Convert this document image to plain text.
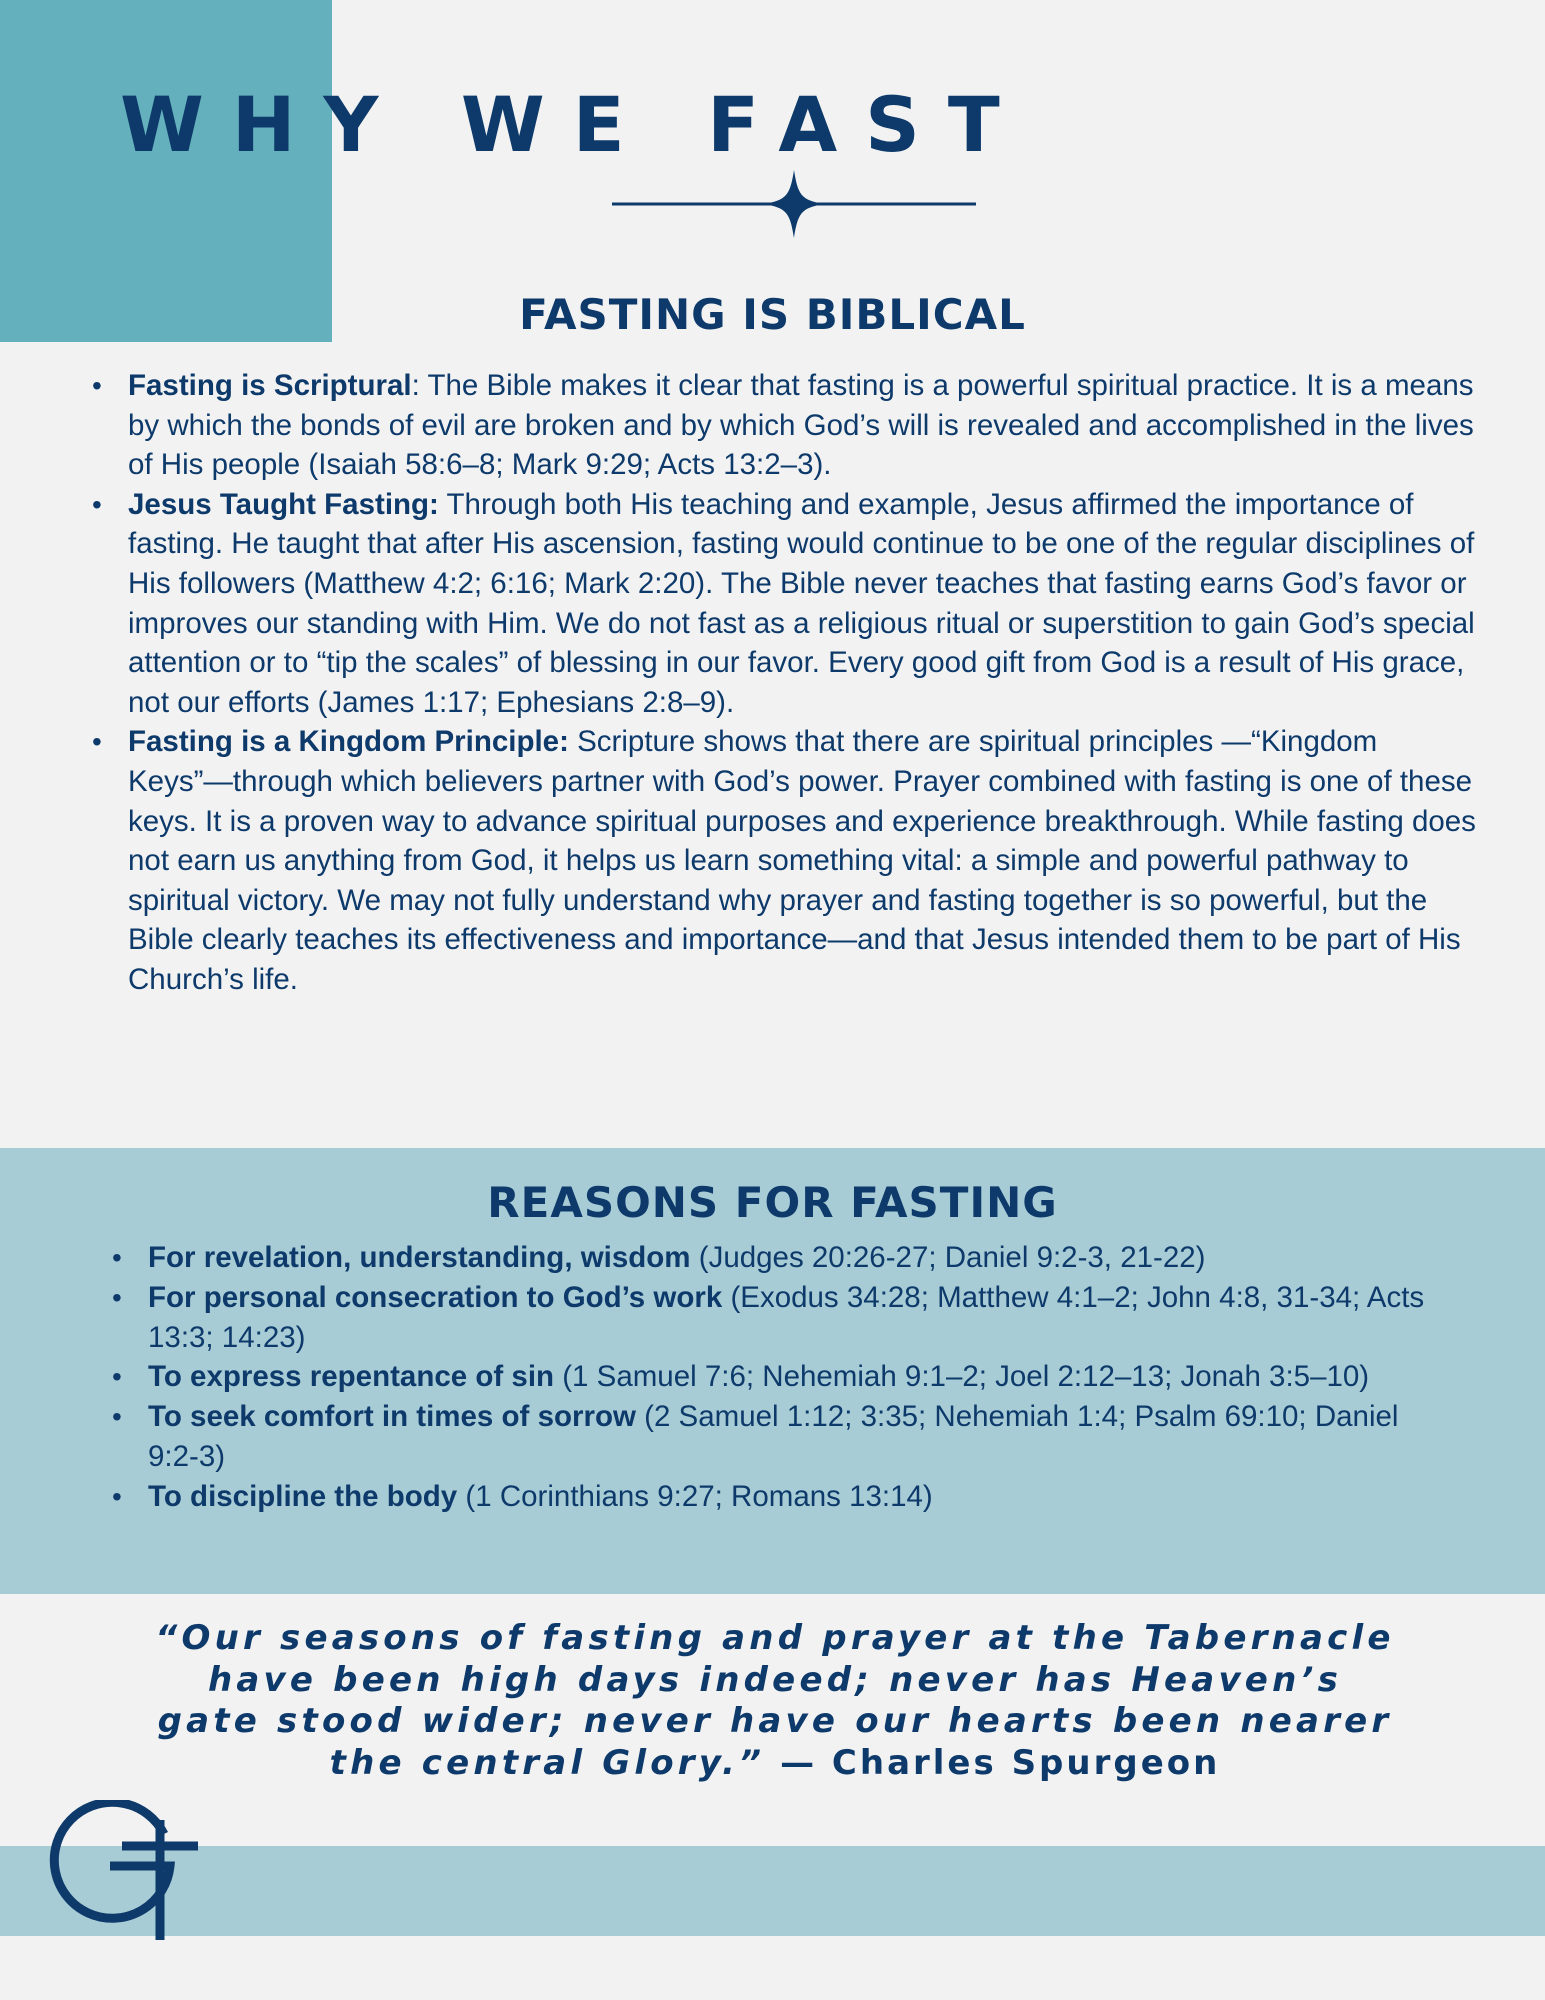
WHY WE FAST
FASTING IS BIBLICAL
• Fasting is Scriptural: The Bible makes it clear that fasting is a powerful spiritual practice. It is a means by which the bonds of evil are broken and by which God’s will is revealed and accomplished in the lives of His people (Isaiah 58:6–8; Mark 9:29; Acts 13:2–3).
• Jesus Taught Fasting: Through both His teaching and example, Jesus affirmed the importance of fasting. He taught that after His ascension, fasting would continue to be one of the regular disciplines of His followers (Matthew 4:2; 6:16; Mark 2:20). The Bible never teaches that fasting earns God’s favor or improves our standing with Him. We do not fast as a religious ritual or superstition to gain God’s special attention or to “tip the scales” of blessing in our favor. Every good gift from God is a result of His grace, not our efforts (James 1:17; Ephesians 2:8–9).
• Fasting is a Kingdom Principle: Scripture shows that there are spiritual principles —“Kingdom Keys”—through which believers partner with God’s power. Prayer combined with fasting is one of these keys. It is a proven way to advance spiritual purposes and experience breakthrough. While fasting does not earn us anything from God, it helps us learn something vital: a simple and powerful pathway to spiritual victory. We may not fully understand why prayer and fasting together is so powerful, but the Bible clearly teaches its effectiveness and importance—and that Jesus intended them to be part of His Church’s life.
REASONS FOR FASTING
• For revelation, understanding, wisdom (Judges 20:26-27; Daniel 9:2-3, 21-22)
• For personal consecration to God’s work (Exodus 34:28; Matthew 4:1–2; John 4:8, 31-34; Acts 13:3; 14:23)
• To express repentance of sin (1 Samuel 7:6; Nehemiah 9:1–2; Joel 2:12–13; Jonah 3:5–10)
• To seek comfort in times of sorrow (2 Samuel 1:12; 3:35; Nehemiah 1:4; Psalm 69:10; Daniel 9:2-3)
• To discipline the body (1 Corinthians 9:27; Romans 13:14)

“Our seasons of fasting and prayer at the Tabernacle have been high days indeed; never has Heaven’s gate stood wider; never have our hearts been nearer the central Glory.” — Charles Spurgeon
